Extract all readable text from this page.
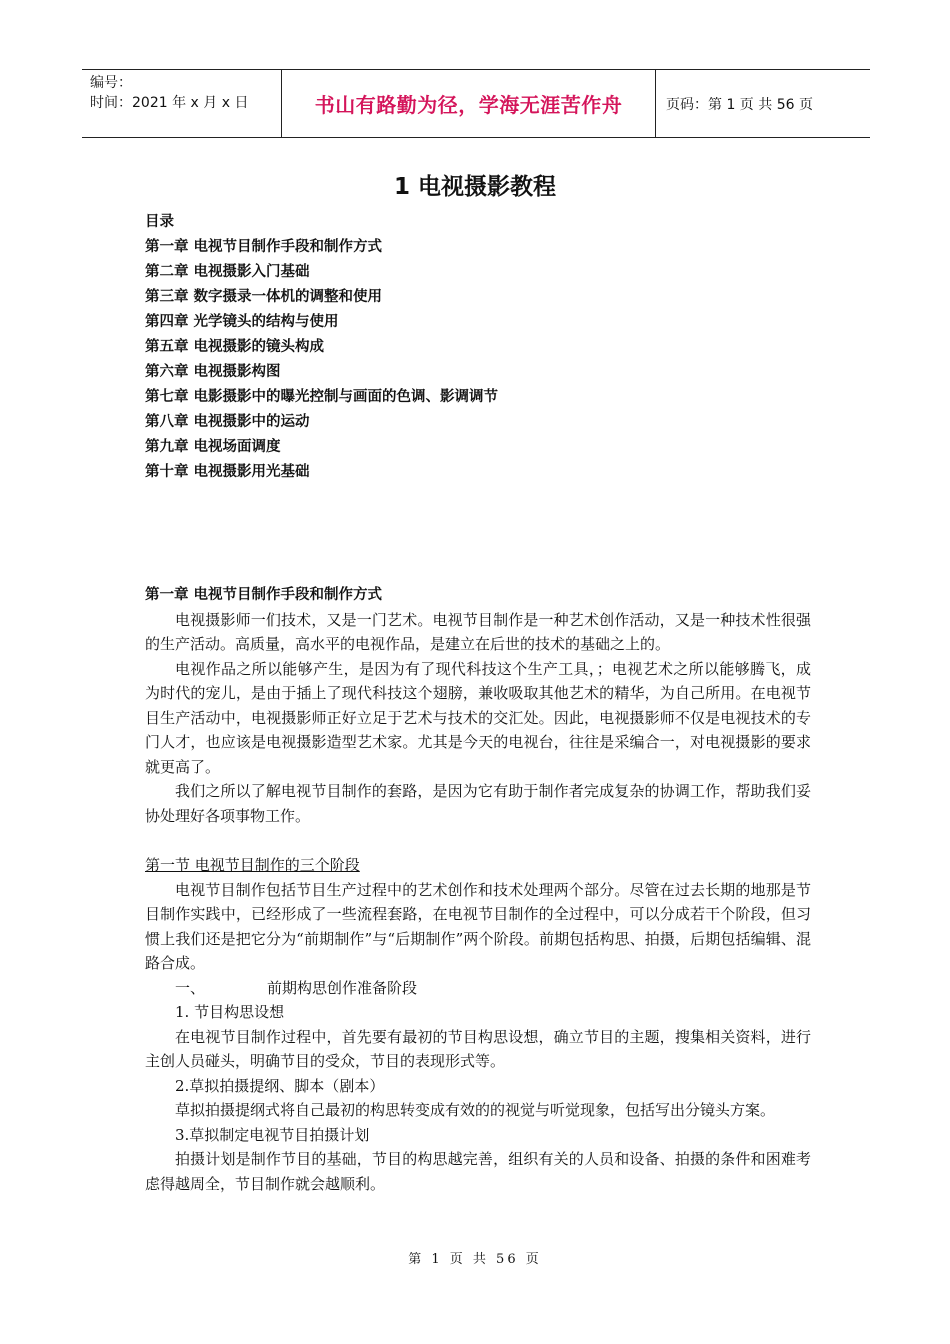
编号：
时间：2021 年 x 月 x 日	书山有路勤为径，学海无涯苦作舟	页码：第 1 页 共 56 页
1 电视摄影教程
目录
第一章 电视节目制作手段和制作方式
第二章 电视摄影入门基础
第三章 数字摄录一体机的调整和使用
第四章 光学镜头的结构与使用
第五章 电视摄影的镜头构成
第六章 电视摄影构图
第七章 电影摄影中的曝光控制与画面的色调、影调调节
第八章 电视摄影中的运动
第九章 电视场面调度
第十章 电视摄影用光基础
第一章 电视节目制作手段和制作方式

电视摄影师一们技术，又是一门艺术。电视节目制作是一种艺术创作活动，又是一种技术性很强的生产活动。高质量，高水平的电视作品，是建立在后世的技术的基础之上的。

电视作品之所以能够产生，是因为有了现代科技这个生产工具，；电视艺术之所以能够腾飞，成为时代的宠儿，是由于插上了现代科技这个翅膀，兼收吸取其他艺术的精华，为自己所用。在电视节目生产活动中，电视摄影师正好立足于艺术与技术的交汇处。因此，电视摄影师不仅是电视技术的专门人才，也应该是电视摄影造型艺术家。尤其是今天的电视台，往往是采编合一，对电视摄影的要求就更高了。

我们之所以了解电视节目制作的套路，是因为它有助于制作者完成复杂的协调工作，帮助我们妥协处理好各项事物工作。

第一节 电视节目制作的三个阶段

电视节目制作包括节目生产过程中的艺术创作和技术处理两个部分。尽管在过去长期的地那是节目制作实践中，已经形成了一些流程套路，在电视节目制作的全过程中，可以分成若干个阶段，但习惯上我们还是把它分为“前期制作”与“后期制作”两个阶段。前期包括构思、拍摄，后期包括编辑、混路合成。

一、	前期构思创作准备阶段
1. 节目构思设想

在电视节目制作过程中，首先要有最初的节目构思设想，确立节目的主题，搜集相关资料，进行主创人员碰头，明确节目的受众，节目的表现形式等。

2.草拟拍摄提纲、脚本（剧本）

草拟拍摄提纲式将自己最初的构思转变成有效的的视觉与听觉现象，包括写出分镜头方案。

3.草拟制定电视节目拍摄计划

拍摄计划是制作节目的基础，节目的构思越完善，组织有关的人员和设备、拍摄的条件和困难考虑得越周全，节目制作就会越顺利。

第 1 页 共 56 页
